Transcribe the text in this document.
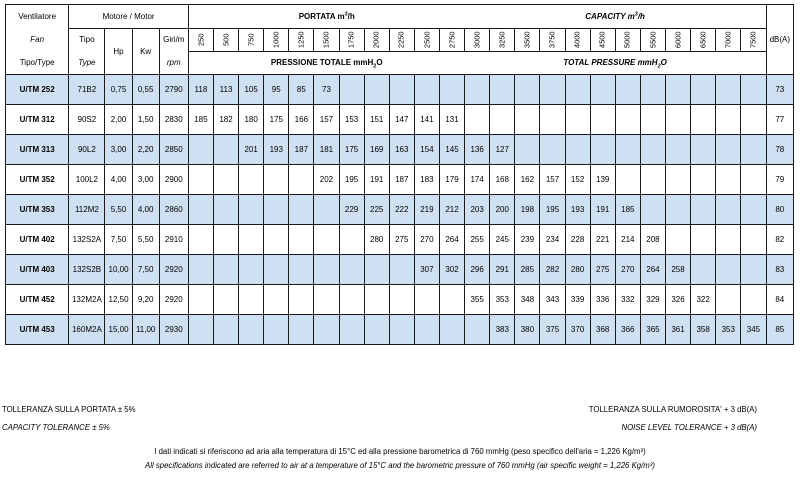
Ventilatore	Motore / Motor				PORTATA $m^3/h$											CAPACITY $m^3/h$												dB(A)
Fan	Tipo	Hp	Kw	Giri/m	250	500	750	1000	1250	1500	1750	2000	2250	2500	2750	3000	3250	3500	3750	4000	4500	5000	5500	6000	6500	7000	7500	
Tipo/Type	Type			rpm	PRESSIONE TOTALE mmH$_2$O											TOTAL PRESSURE mmH$_2$O												
U/TM 252	71B2	0,75	0,55	2790	118	113	105	95	85	73																		73
U/TM 312	90S2	2,00	1,50	2830	185	182	180	175	166	157	153	151	147	141	131													77
U/TM 313	90L2	3,00	2,20	2850			201	193	187	181	175	169	163	154	145	136	127											78
U/TM 352	100L2	4,00	3,00	2900						202	195	191	187	183	179	174	168	162	157	152	139							79
U/TM 353	112M2	5,50	4,00	2860							229	225	222	219	212	203	200	198	195	193	191	185						80
U/TM 402	132S2A	7,50	5,50	2910								280	275	270	264	255	245	239	234	228	221	214	208					82
U/TM 403	132S2B	10,00	7,50	2920										307	302	296	291	285	282	280	275	270	264	258				83
U/TM 452	132M2A	12,50	9,20	2920												355	353	348	343	339	336	332	329	326	322			84
U/TM 453	160M2A	15,00	11,00	2930													383	380	375	370	368	366	365	361	358	353	345	85
TOLLERANZA SULLA PORTATA ± 5%
CAPACITY TOLERANCE ± 5%
TOLLERANZA SULLA RUMOROSITA' + 3 dB(A)
NOISE LEVEL TOLERANCE + 3 dB(A)
I dati indicati si riferiscono ad aria alla temperatura di 15°C ed alla pressione barometrica di 760 mmHg (peso specifico dell'aria = 1,226 Kg/m³)
All specifications indicated are referred to air at a temperature of 15°C and the barometric pressure of 760 mmHg (air specific weight = 1,226 Kg/m³)
